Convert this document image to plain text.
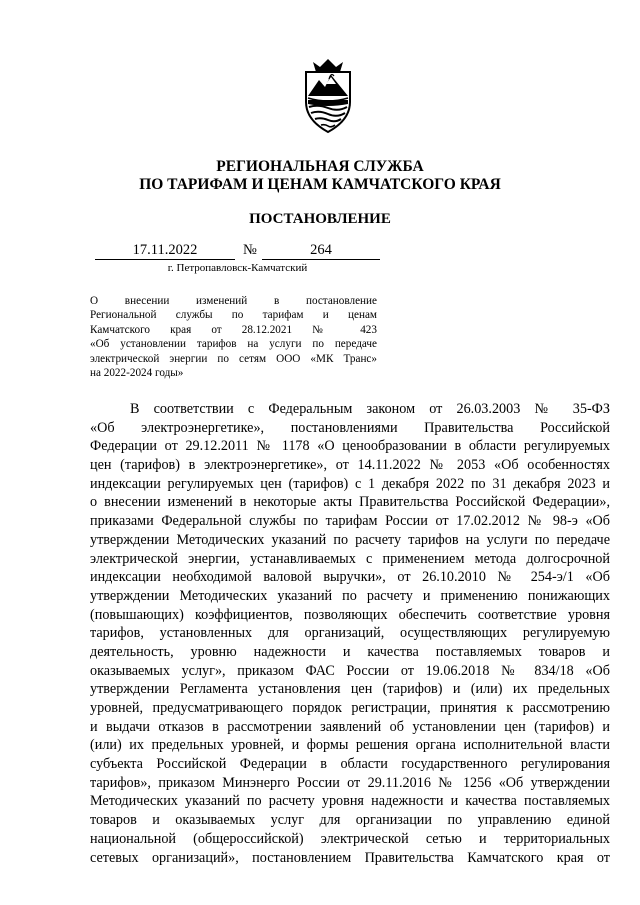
РЕГИОНАЛЬНАЯ СЛУЖБА
ПО ТАРИФАМ И ЦЕНАМ КАМЧАТСКОГО КРАЯ
ПОСТАНОВЛЕНИЕ
17.11.2022	№	264
г. Петропавловск-Камчатский
О внесении изменений в постановление
Региональной службы по тарифам и ценам
Камчатского края от 28.12.2021 № 423
«Об установлении тарифов на услуги по передаче
электрической энергии по сетям ООО «МК Транс»
на 2022-2024 годы»
В соответствии с Федеральным законом от 26.03.2003 № 35-ФЗ
«Об электроэнергетике», постановлениями Правительства Российской
Федерации от 29.12.2011 № 1178 «О ценообразовании в области регулируемых
цен (тарифов) в электроэнергетике», от 14.11.2022 № 2053 «Об особенностях
индексации регулируемых цен (тарифов) с 1 декабря 2022 по 31 декабря 2023 и
о внесении изменений в некоторые акты Правительства Российской Федерации»,
приказами Федеральной службы по тарифам России от 17.02.2012 № 98-э «Об
утверждении Методических указаний по расчету тарифов на услуги по передаче
электрической энергии, устанавливаемых с применением метода долгосрочной
индексации необходимой валовой выручки», от 26.10.2010 № 254-э/1 «Об
утверждении Методических указаний по расчету и применению понижающих
(повышающих) коэффициентов, позволяющих обеспечить соответствие уровня
тарифов, установленных для организаций, осуществляющих регулируемую
деятельность, уровню надежности и качества поставляемых товаров и
оказываемых услуг», приказом ФАС России от 19.06.2018 № 834/18 «Об
утверждении Регламента установления цен (тарифов) и (или) их предельных
уровней, предусматривающего порядок регистрации, принятия к рассмотрению
и выдачи отказов в рассмотрении заявлений об установлении цен (тарифов) и
(или) их предельных уровней, и формы решения органа исполнительной власти
субъекта Российской Федерации в области государственного регулирования
тарифов», приказом Минэнерго России от 29.11.2016 № 1256 «Об утверждении
Методических указаний по расчету уровня надежности и качества поставляемых
товаров и оказываемых услуг для организации по управлению единой
национальной (общероссийской) электрической сетью и территориальных
сетевых организаций», постановлением Правительства Камчатского края от
